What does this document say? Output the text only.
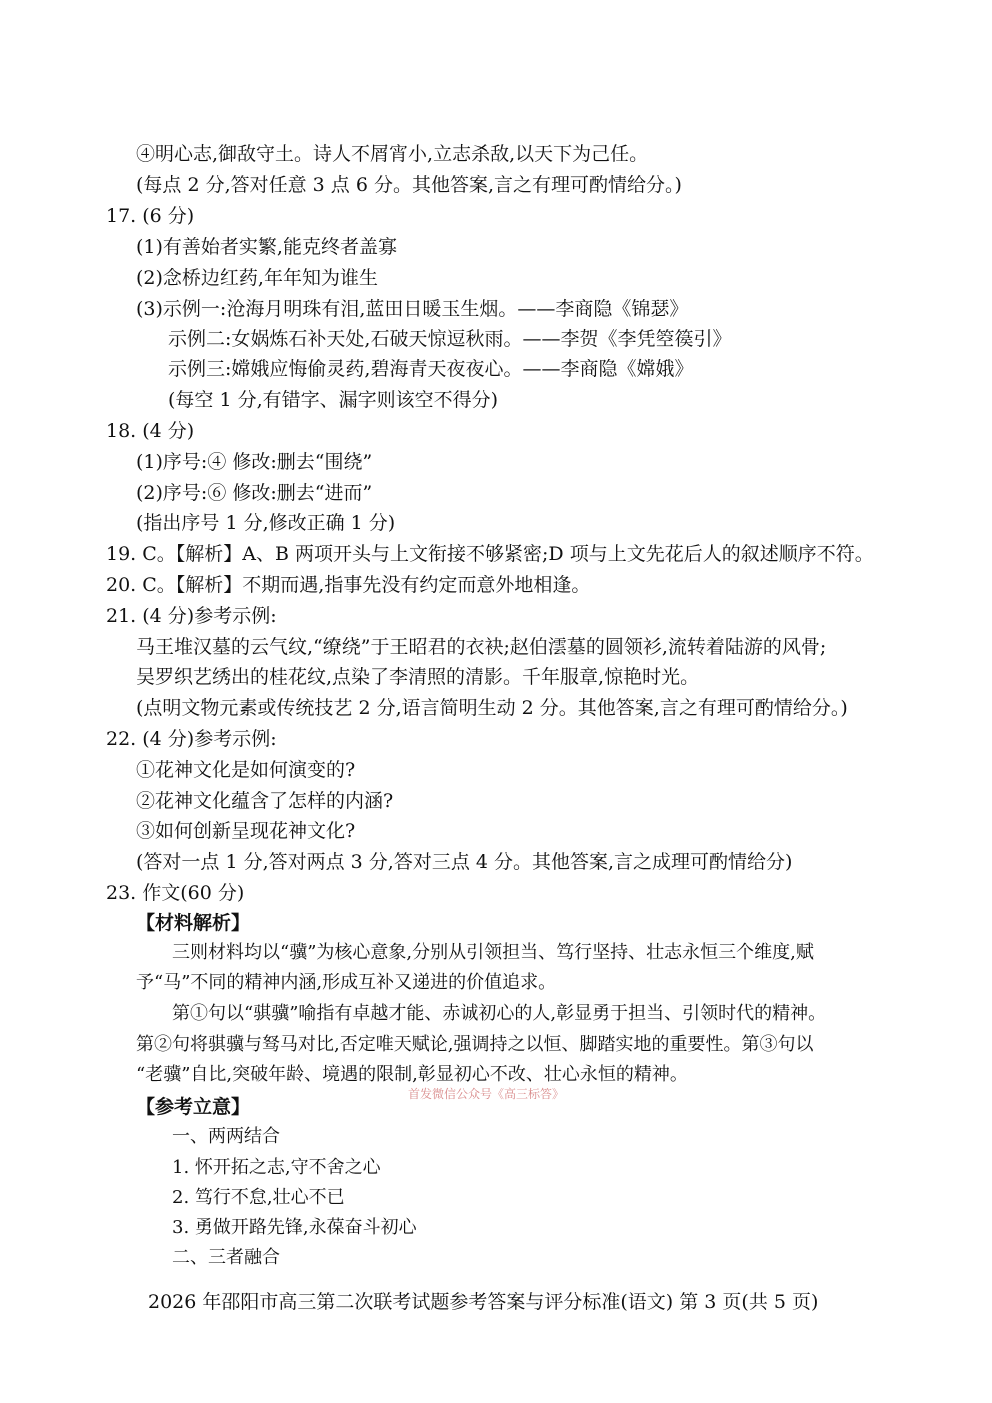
④明心志,御敌守土。诗人不屑宵小,立志杀敌,以天下为己任。
(每点 2 分,答对任意 3 点 6 分。其他答案,言之有理可酌情给分。)
17. (6 分)
(1)有善始者实繁,能克终者盖寡
(2)念桥边红药,年年知为谁生
(3)示例一:沧海月明珠有泪,蓝田日暖玉生烟。——李商隐《锦瑟》
示例二:女娲炼石补天处,石破天惊逗秋雨。——李贺《李凭箜篌引》
示例三:嫦娥应悔偷灵药,碧海青天夜夜心。——李商隐《嫦娥》
(每空 1 分,有错字、漏字则该空不得分)
18. (4 分)
(1)序号:④ 修改:删去“围绕”
(2)序号:⑥ 修改:删去“进而”
(指出序号 1 分,修改正确 1 分)
19. C。【解析】A、B 两项开头与上文衔接不够紧密;D 项与上文先花后人的叙述顺序不符。
20. C。【解析】不期而遇,指事先没有约定而意外地相逢。
21. (4 分)参考示例:
马王堆汉墓的云气纹,“缭绕”于王昭君的衣袂;赵伯澐墓的圆领衫,流转着陆游的风骨;
吴罗织艺绣出的桂花纹,点染了李清照的清影。千年服章,惊艳时光。
(点明文物元素或传统技艺 2 分,语言简明生动 2 分。其他答案,言之有理可酌情给分。)
22. (4 分)参考示例:
①花神文化是如何演变的?
②花神文化蕴含了怎样的内涵?
③如何创新呈现花神文化?
(答对一点 1 分,答对两点 3 分,答对三点 4 分。其他答案,言之成理可酌情给分)
23. 作文(60 分)
【材料解析】
三则材料均以“骥”为核心意象,分别从引领担当、笃行坚持、壮志永恒三个维度,赋
予“马”不同的精神内涵,形成互补又递进的价值追求。
第①句以“骐骥”喻指有卓越才能、赤诚初心的人,彰显勇于担当、引领时代的精神。
第②句将骐骥与驽马对比,否定唯天赋论,强调持之以恒、脚踏实地的重要性。第③句以
“老骥”自比,突破年龄、境遇的限制,彰显初心不改、壮心永恒的精神。
【参考立意】
一、两两结合
1. 怀开拓之志,守不舍之心
2. 笃行不怠,壮心不已
3. 勇做开路先锋,永葆奋斗初心
二、三者融合
首发微信公众号《高三标答》
2026 年邵阳市高三第二次联考试题参考答案与评分标准(语文) 第 3 页(共 5 页)
